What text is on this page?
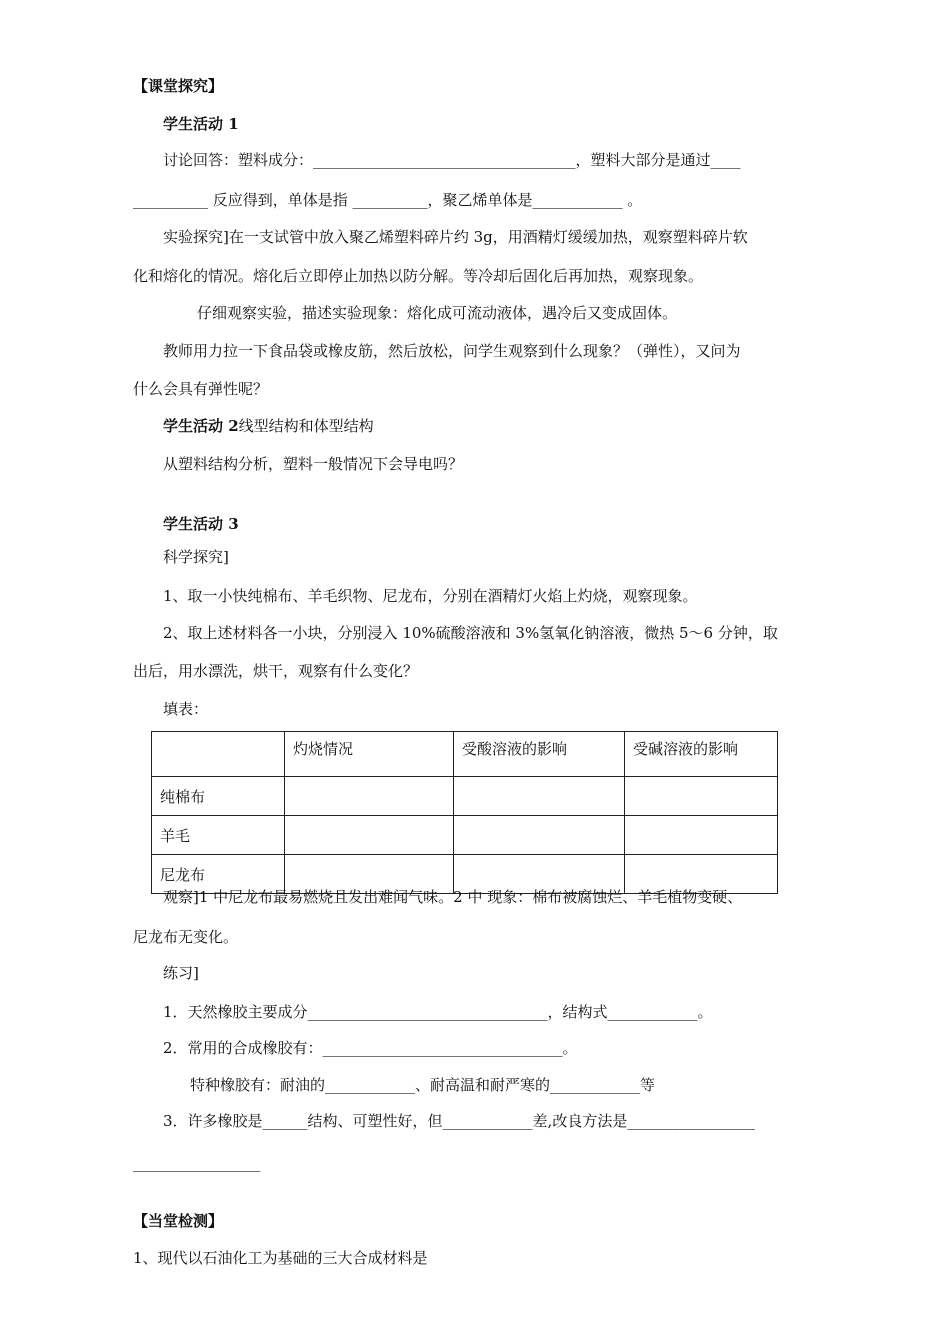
【课堂探究】
学生活动 1
讨论回答：塑料成分：___________________________________，塑料大部分是通过____
__________ 反应得到，单体是指 __________，聚乙烯单体是____________ 。
实验探究]在一支试管中放入聚乙烯塑料碎片约 3g，用酒精灯缓缓加热，观察塑料碎片软
化和熔化的情况。熔化后立即停止加热以防分解。等冷却后固化后再加热，观察现象。
仔细观察实验，描述实验现象：熔化成可流动液体，遇冷后又变成固体。
教师用力拉一下食品袋或橡皮筋，然后放松，问学生观察到什么现象？（弹性），又问为
什么会具有弹性呢？
学生活动 2线型结构和体型结构
从塑料结构分析，塑料一般情况下会导电吗？
学生活动 3
科学探究]
1、取一小快纯棉布、羊毛织物、尼龙布，分别在酒精灯火焰上灼烧，观察现象。
2、取上述材料各一小块，分别浸入 10%硫酸溶液和 3%氢氧化钠溶液，微热 5～6 分钟，取
出后，用水漂洗，烘干，观察有什么变化？
填表：
	灼烧情况	受酸溶液的影响	受碱溶液的影响
纯棉布			
羊毛			
尼龙布			
观察]1 中尼龙布最易燃烧且发出难闻气味。2 中 现象：棉布被腐蚀烂、羊毛植物变硬、
尼龙布无变化。
练习]
1．天然橡胶主要成分________________________________，结构式____________。
2．常用的合成橡胶有：________________________________。
特种橡胶有：耐油的____________、耐高温和耐严寒的____________等
3．许多橡胶是______结构、可塑性好，但____________差,改良方法是_________________
_________________
【当堂检测】
1、现代以石油化工为基础的三大合成材料是
